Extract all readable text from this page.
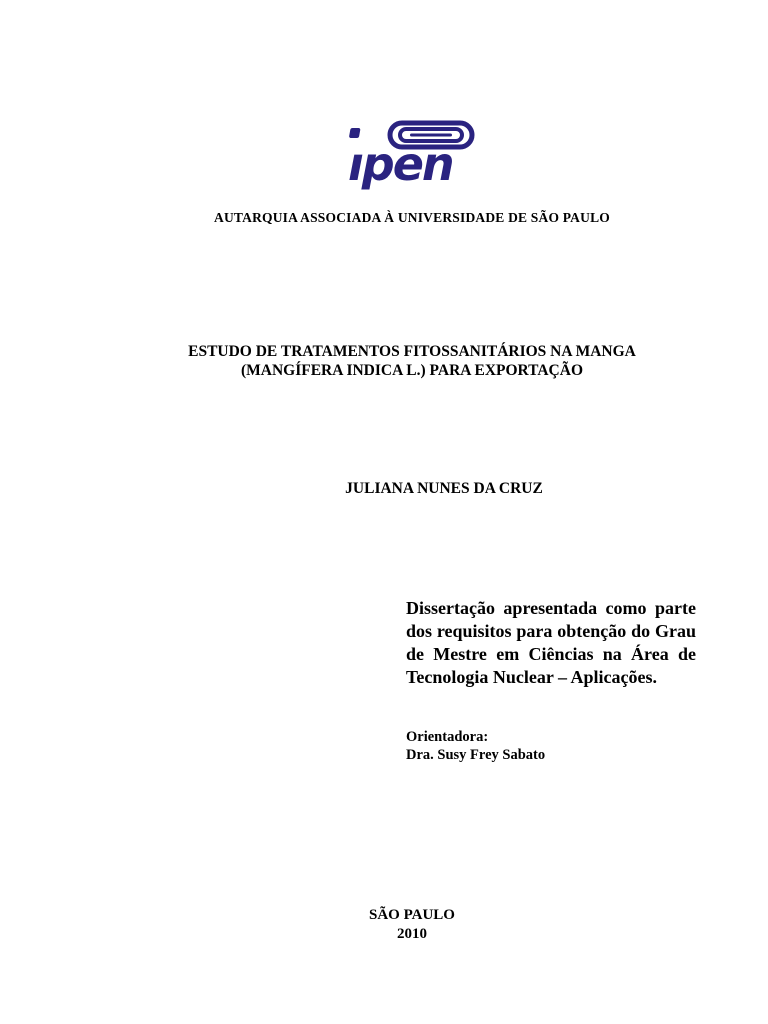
ıpen
AUTARQUIA ASSOCIADA À UNIVERSIDADE DE SÃO PAULO
ESTUDO DE TRATAMENTOS FITOSSANITÁRIOS NA MANGA
(MANGÍFERA INDICA L.) PARA EXPORTAÇÃO
JULIANA NUNES DA CRUZ
Dissertação apresentada como parte dos requisitos para obtenção do Grau de Mestre em Ciências na Área de Tecnologia Nuclear – Aplicações.
Orientadora:
Dra. Susy Frey Sabato
SÃO PAULO
2010
